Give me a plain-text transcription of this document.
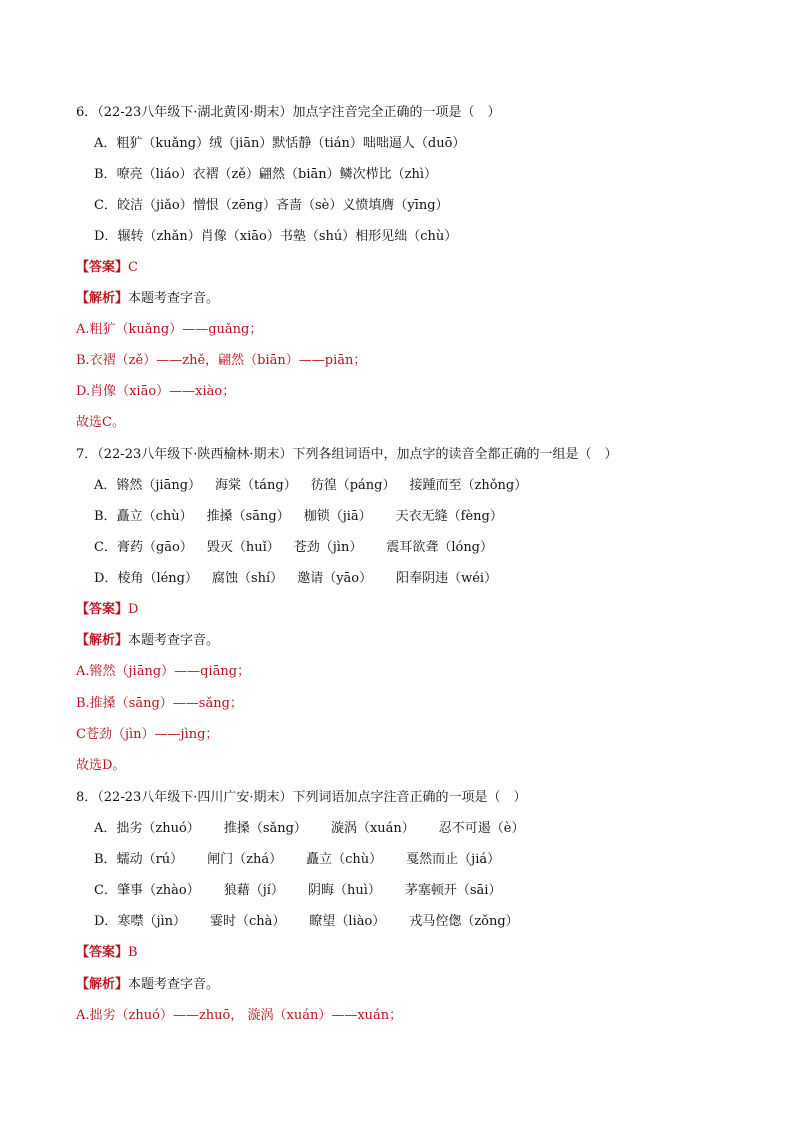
6．（22-23八年级下·湖北黄冈·期末）加点字注音完全正确的一项是（　）
A．粗犷（kuǎng）绒（jiān）默恬静（tián）咄咄逼人（duō）
B．嘹亮（liáo）衣褶（zě）翩然（biān）鳞次栉比（zhì）
C．皎洁（jiǎo）憎恨（zēng）吝啬（sè）义愤填膺（yīng）
D．辗转（zhǎn）肖像（xiāo）书塾（shú）相形见绌（chù）
【答案】C
【解析】本题考查字音。
A.粗犷（kuǎng）——guǎng；
B.衣褶（zě）——zhě，翩然（biān）——piān；
D.肖像（xiāo）——xiào；
故选C。
7．（22-23八年级下·陕西榆林·期末）下列各组词语中，加点字的读音全都正确的一组是（　）
A．锵然（jiāng） 海棠（táng） 彷徨（páng） 接踵而至（zhǒng）
B．矗立（chù） 推搡（sāng） 枷锁（jiā） 天衣无缝（fèng）
C．膏药（gāo） 毁灭（huǐ） 苍劲（jìn） 震耳欲聋（lóng）
D．棱角（léng） 腐蚀（shí） 邀请（yāo） 阳奉阴违（wéi）
【答案】D
【解析】本题考查字音。
A.锵然（jiāng）——qiāng；
B.推搡（sāng）——sǎng；
C苍劲（jìn）——jìng；
故选D。
8．（22-23八年级下·四川广安·期末）下列词语加点字注音正确的一项是（　）
A．拙劣（zhuó） 推搡（sǎng） 漩涡（xuán） 忍不可遏（è）
B．蠕动（rú） 闸门（zhá） 矗立（chù） 戛然而止（jiá）
C．肇事（zhào） 狼藉（jí） 阴晦（huì） 茅塞顿开（sāi）
D．寒噤（jìn） 霎时（chà） 瞭望（liào） 戎马倥偬（zǒng）
【答案】B
【解析】本题考查字音。
A.拙劣（zhuó）——zhuō， 漩涡（xuán）——xuán；
